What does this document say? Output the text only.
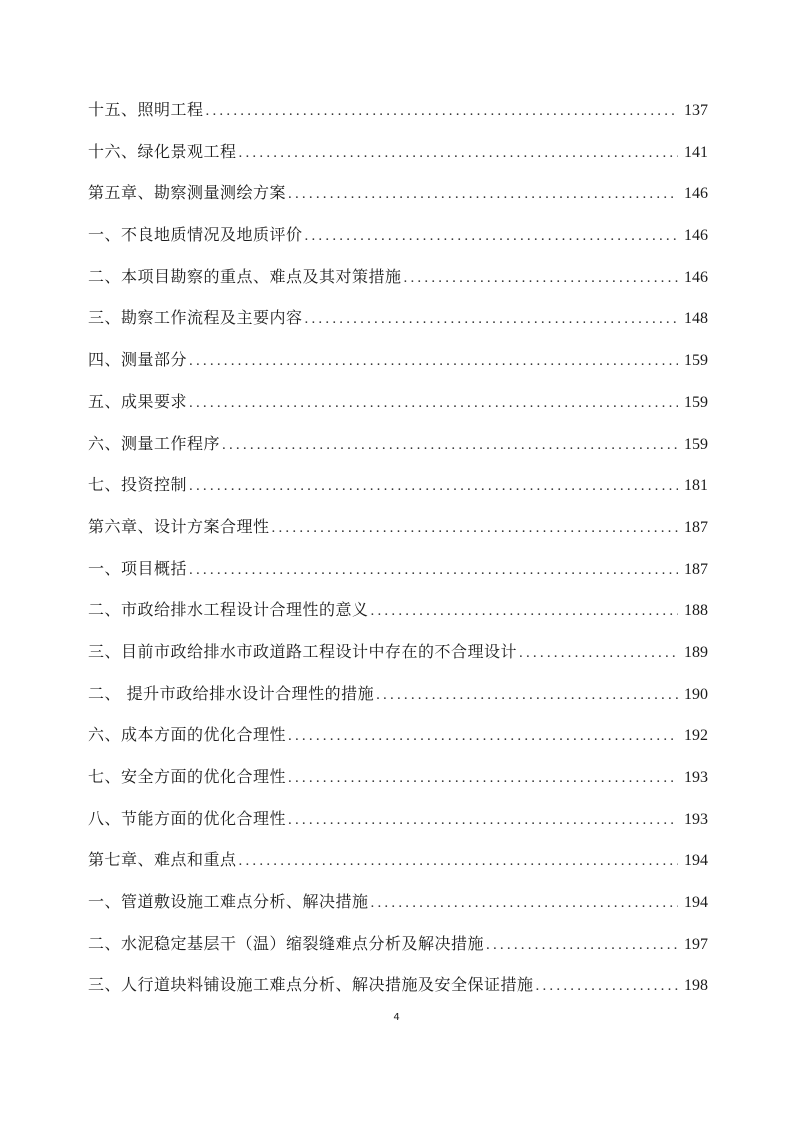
十五、照明工程 .....	137
十六、绿化景观工程 .....	141
第五章、勘察测量测绘方案 .....	146
一、不良地质情况及地质评价 .....	146
二、本项目勘察的重点、难点及其对策措施 .....	146
三、勘察工作流程及主要内容 .....	148
四、测量部分 .....	159
五、成果要求 .....	159
六、测量工作程序 .....	159
七、投资控制 .....	181
第六章、设计方案合理性 .....	187
一、项目概括 .....	187
二、市政给排水工程设计合理性的意义 .....	188
三、目前市政给排水市政道路工程设计中存在的不合理设计 .....	189
二、 提升市政给排水设计合理性的措施 .....	190
六、成本方面的优化合理性 .....	192
七、安全方面的优化合理性 .....	193
八、节能方面的优化合理性 .....	193
第七章、难点和重点 .....	194
一、管道敷设施工难点分析、解决措施 .....	194
二、水泥稳定基层干（温）缩裂缝难点分析及解决措施 .....	197
三、人行道块料铺设施工难点分析、解决措施及安全保证措施 .....	198
4
